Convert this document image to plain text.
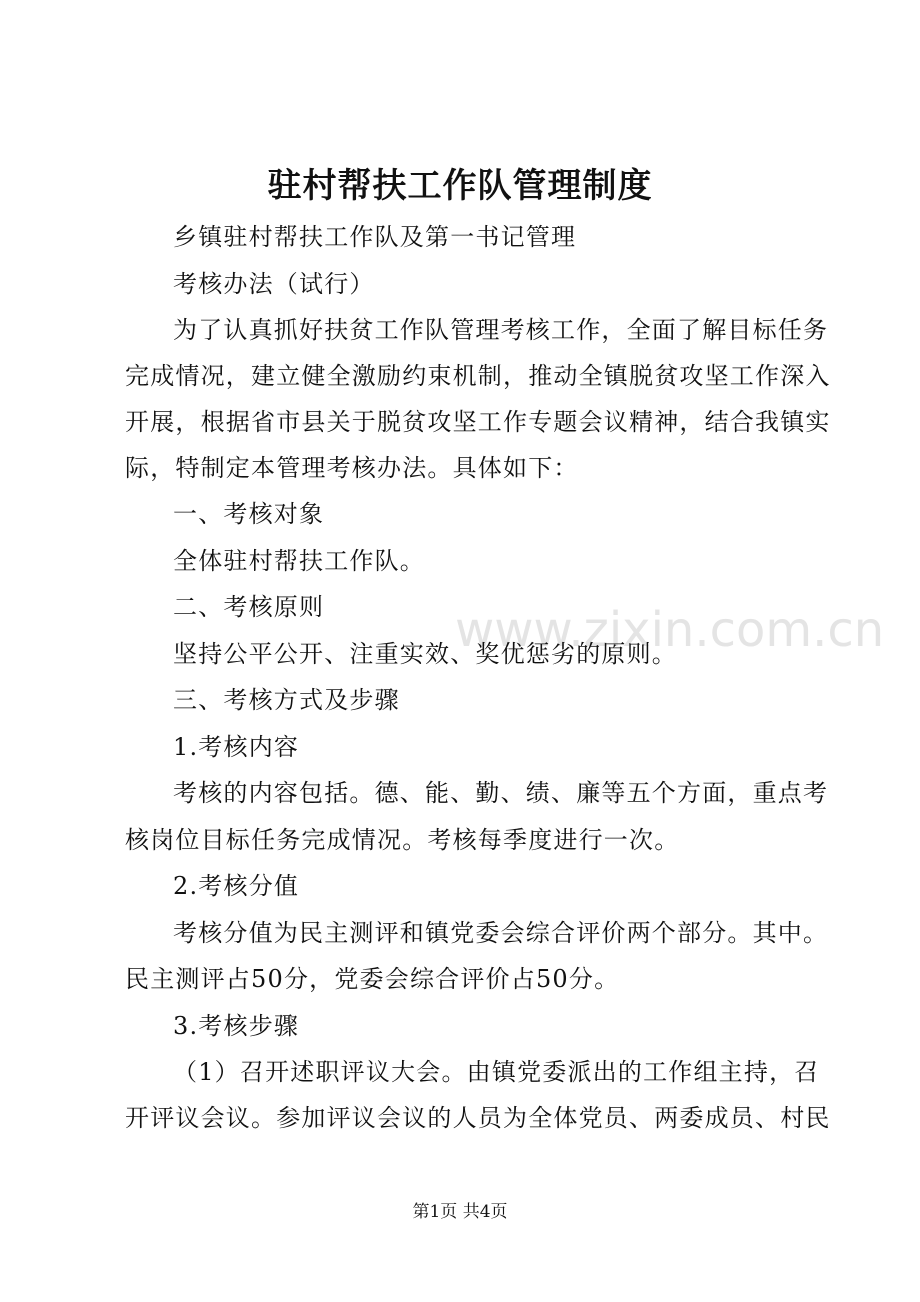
www.zixin.com.cn
驻村帮扶工作队管理制度
乡镇驻村帮扶工作队及第一书记管理
考核办法（试行）
为了认真抓好扶贫工作队管理考核工作，全面了解目标任务
完成情况，建立健全激励约束机制，推动全镇脱贫攻坚工作深入
开展，根据省市县关于脱贫攻坚工作专题会议精神，结合我镇实
际，特制定本管理考核办法。具体如下：
一、考核对象
全体驻村帮扶工作队。
二、考核原则
坚持公平公开、注重实效、奖优惩劣的原则。
三、考核方式及步骤
1.考核内容
考核的内容包括。德、能、勤、绩、廉等五个方面，重点考
核岗位目标任务完成情况。考核每季度进行一次。
2.考核分值
考核分值为民主测评和镇党委会综合评价两个部分。其中。
民主测评占50分，党委会综合评价占50分。
3.考核步骤
（1）召开述职评议大会。由镇党委派出的工作组主持，召
开评议会议。参加评议会议的人员为全体党员、两委成员、村民
第1页 共4页
